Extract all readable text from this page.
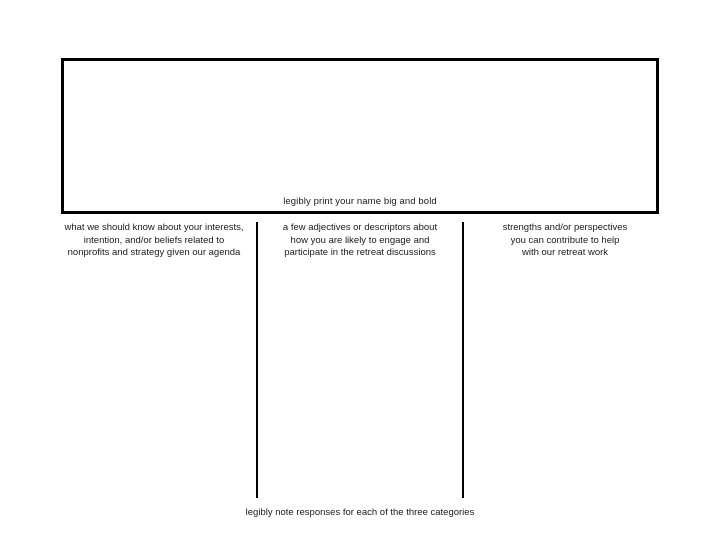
legibly print your name big and bold
what we should know about your interests,
intention, and/or beliefs related to
nonprofits and strategy given our agenda
a few adjectives or descriptors about
how you are likely to engage and
participate in the retreat discussions
strengths and/or perspectives
you can contribute to help
with our retreat work
legibly note responses for each of the three categories
